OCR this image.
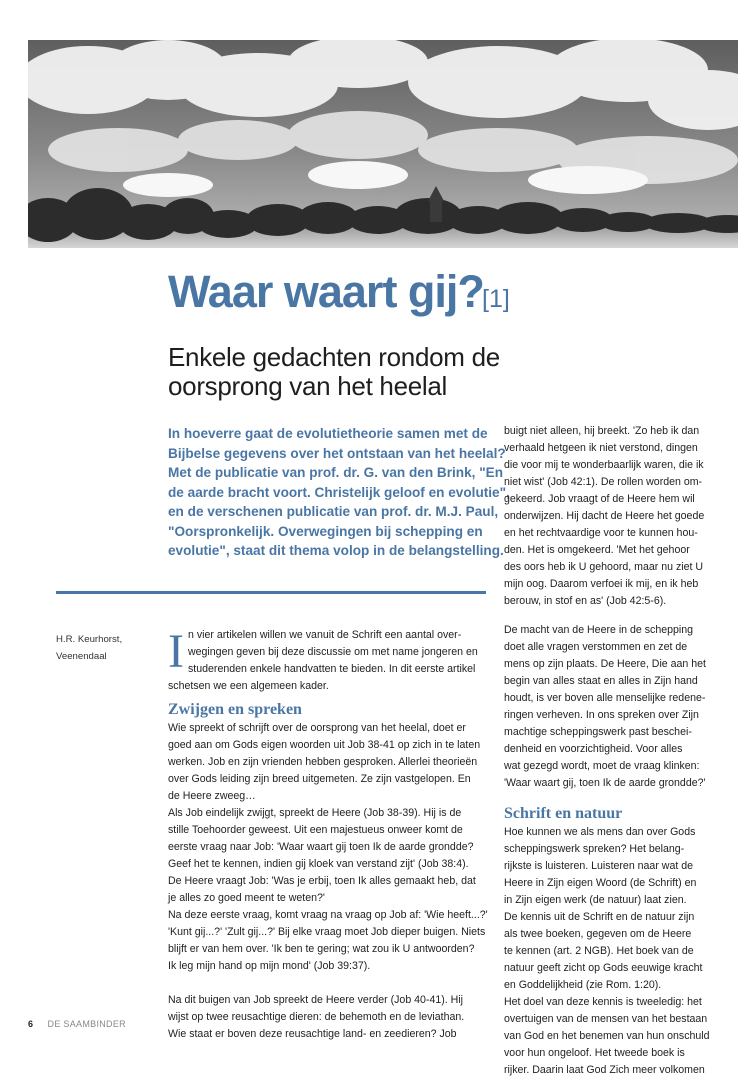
Waar waart gij?
[1]
Enkele gedachten rondom de
oorsprong van het heelal

In hoeverre gaat de evolutietheorie samen met de
Bijbelse gegevens over het ontstaan van het heelal?
Met de publicatie van prof. dr. G. van den Brink, "En
de aarde bracht voort. Christelijk geloof en evolutie",
en de verschenen publicatie van prof. dr. M.J. Paul,
"Oorspronkelijk. Overwegingen bij schepping en
evolutie", staat dit thema volop in de belangstelling.

H.R. Keurhorst,
Veenendaal	I n vier artikelen willen we vanuit de Schrift een aantal over-
wegingen geven bij deze discussie om met name jongeren en
studerenden enkele handvatten te bieden. In dit eerste artikel
schetsen we een algemeen kader.

Zwijgen en spreken

Wie spreekt of schrijft over de oorsprong van het heelal, doet er
goed aan om Gods eigen woorden uit Job 38-41 op zich in te laten
werken. Job en zijn vrienden hebben gesproken. Allerlei theorieën
over Gods leiding zijn breed uitgemeten. Ze zijn vastgelopen. En
de Heere zweeg…
Als Job eindelijk zwijgt, spreekt de Heere (Job 38-39). Hij is de
stille Toehoorder geweest. Uit een majestueus onweer komt de
eerste vraag naar Job: 'Waar waart gij toen Ik de aarde grondde?
Geef het te kennen, indien gij kloek van verstand zijt' (Job 38:4).
De Heere vraagt Job: 'Was je erbij, toen Ik alles gemaakt heb, dat
je alles zo goed meent te weten?'
Na deze eerste vraag, komt vraag na vraag op Job af: 'Wie heeft...?'
'Kunt gij...?' 'Zult gij...?' Bij elke vraag moet Job dieper buigen. Niets
blijft er van hem over. 'Ik ben te gering; wat zou ik U antwoorden?
Ik leg mijn hand op mijn mond' (Job 39:37).

Na dit buigen van Job spreekt de Heere verder (Job 40-41). Hij
wijst op twee reusachtige dieren: de behemoth en de leviathan.
Wie staat er boven deze reusachtige land- en zeedieren? Job

buigt niet alleen, hij breekt. 'Zo heb ik dan
verhaald hetgeen ik niet verstond, dingen
die voor mij te wonderbaarlijk waren, die ik
niet wist' (Job 42:1). De rollen worden om-
gekeerd. Job vraagt of de Heere hem wil
onderwijzen. Hij dacht de Heere het goede
en het rechtvaardige voor te kunnen hou-
den. Het is omgekeerd. 'Met het gehoor
des oors heb ik U gehoord, maar nu ziet U
mijn oog. Daarom verfoei ik mij, en ik heb
berouw, in stof en as' (Job 42:5-6).

De macht van de Heere in de schepping
doet alle vragen verstommen en zet de
mens op zijn plaats. De Heere, Die aan het
begin van alles staat en alles in Zijn hand
houdt, is ver boven alle menselijke redene-
ringen verheven. In ons spreken over Zijn
machtige scheppingswerk past beschei-
denheid en voorzichtigheid. Voor alles
wat gezegd wordt, moet de vraag klinken:
'Waar waart gij, toen Ik de aarde grondde?'

Schrift en natuur

Hoe kunnen we als mens dan over Gods
scheppingswerk spreken? Het belang-
rijkste is luisteren. Luisteren naar wat de
Heere in Zijn eigen Woord (de Schrift) en
in Zijn eigen werk (de natuur) laat zien.
De kennis uit de Schrift en de natuur zijn
als twee boeken, gegeven om de Heere
te kennen (art. 2 NGB). Het boek van de
natuur geeft zicht op Gods eeuwige kracht
en Goddelijkheid (zie Rom. 1:20).
Het doel van deze kennis is tweeledig: het
overtuigen van de mensen van het bestaan
van God en het benemen van hun onschuld
voor hun ongeloof. Het tweede boek is
rijker. Daarin laat God Zich meer volkomen

6 DE SAAMBINDER
